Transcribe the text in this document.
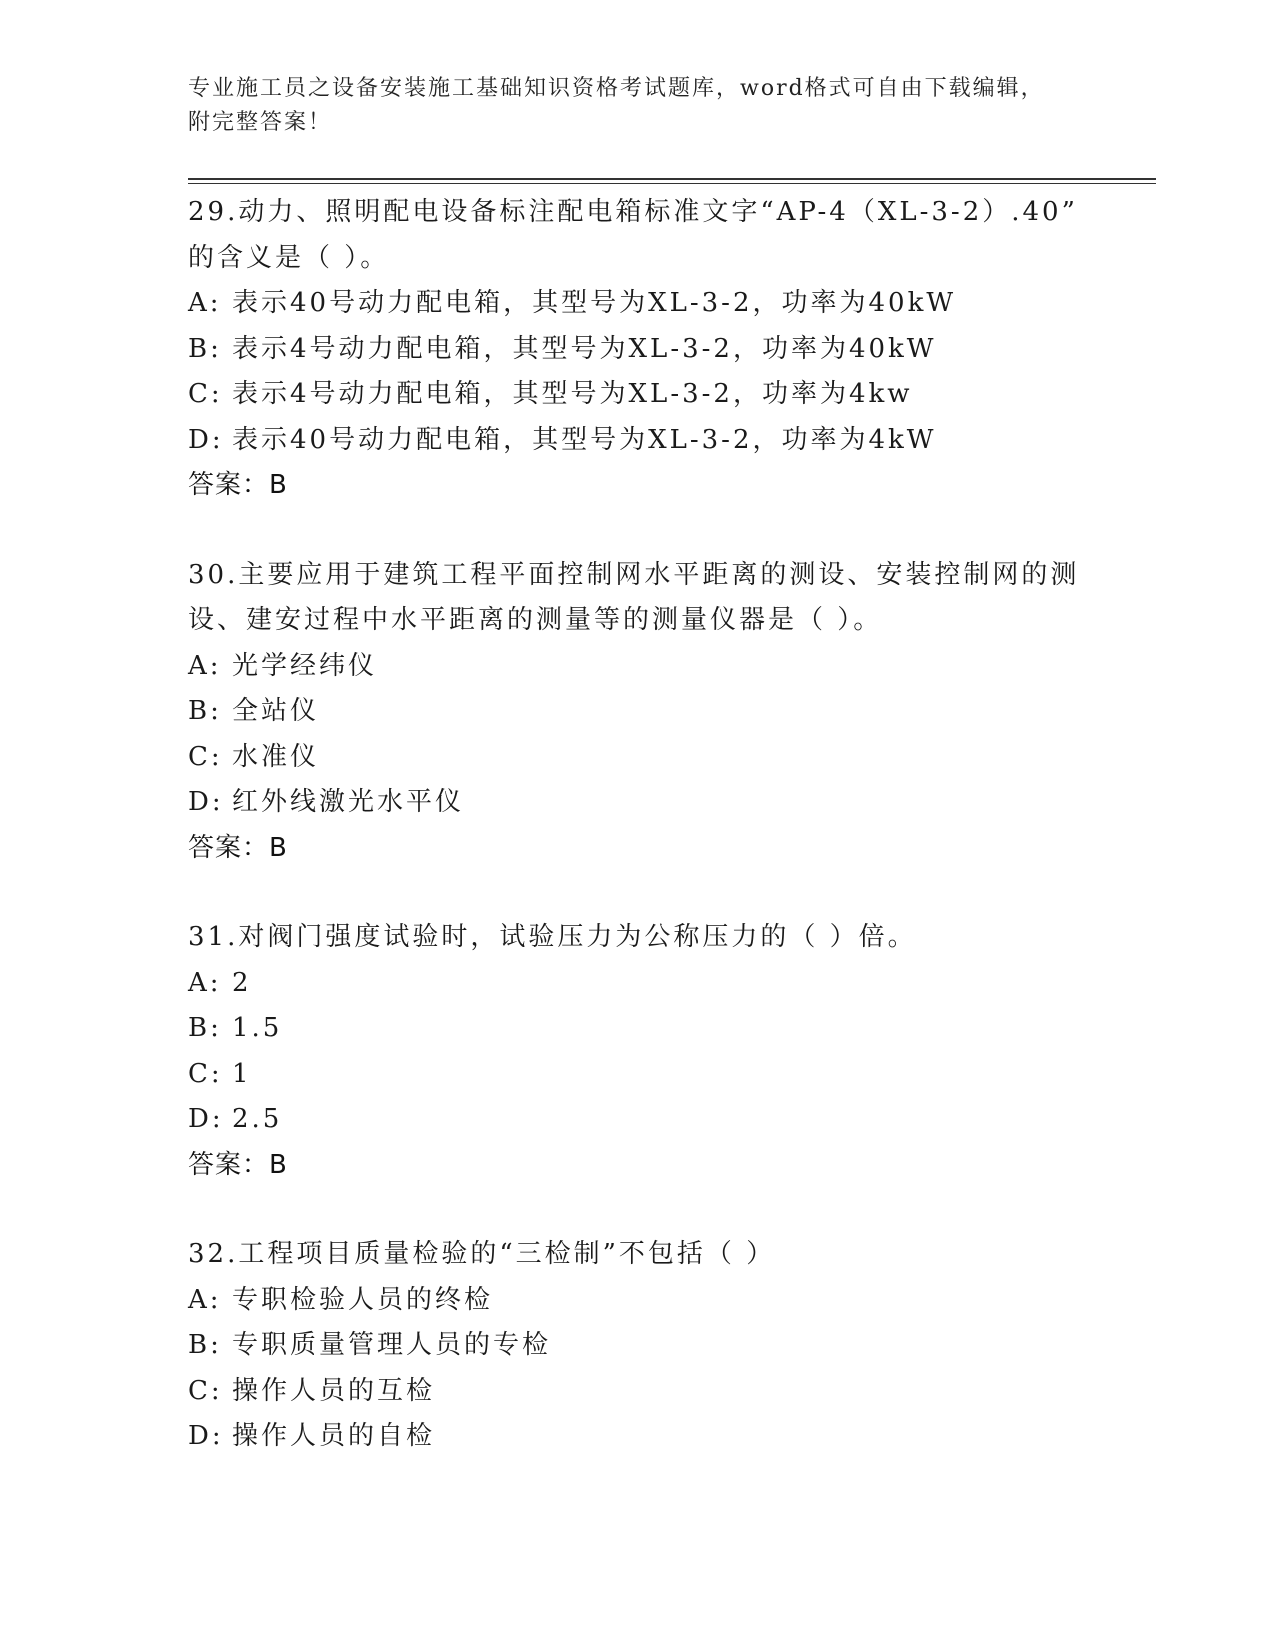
专业施工员之设备安装施工基础知识资格考试题库，word格式可自由下载编辑，
附完整答案！
29.动力、照明配电设备标注配电箱标准文字“AP-4（XL-3-2）.40”
的含义是（ ）。
A: 表示40号动力配电箱，其型号为XL-3-2，功率为40kW
B: 表示4号动力配电箱，其型号为XL-3-2，功率为40kW
C: 表示4号动力配电箱，其型号为XL-3-2，功率为4kw
D: 表示40号动力配电箱，其型号为XL-3-2，功率为4kW
答案：B
30.主要应用于建筑工程平面控制网水平距离的测设、安装控制网的测
设、建安过程中水平距离的测量等的测量仪器是（ ）。
A: 光学经纬仪
B: 全站仪
C: 水准仪
D: 红外线激光水平仪
答案：B
31.对阀门强度试验时，试验压力为公称压力的（ ）倍。
A: 2
B: 1.5
C: 1
D: 2.5
答案：B
32.工程项目质量检验的“三检制”不包括（ ）
A: 专职检验人员的终检
B: 专职质量管理人员的专检
C: 操作人员的互检
D: 操作人员的自检
